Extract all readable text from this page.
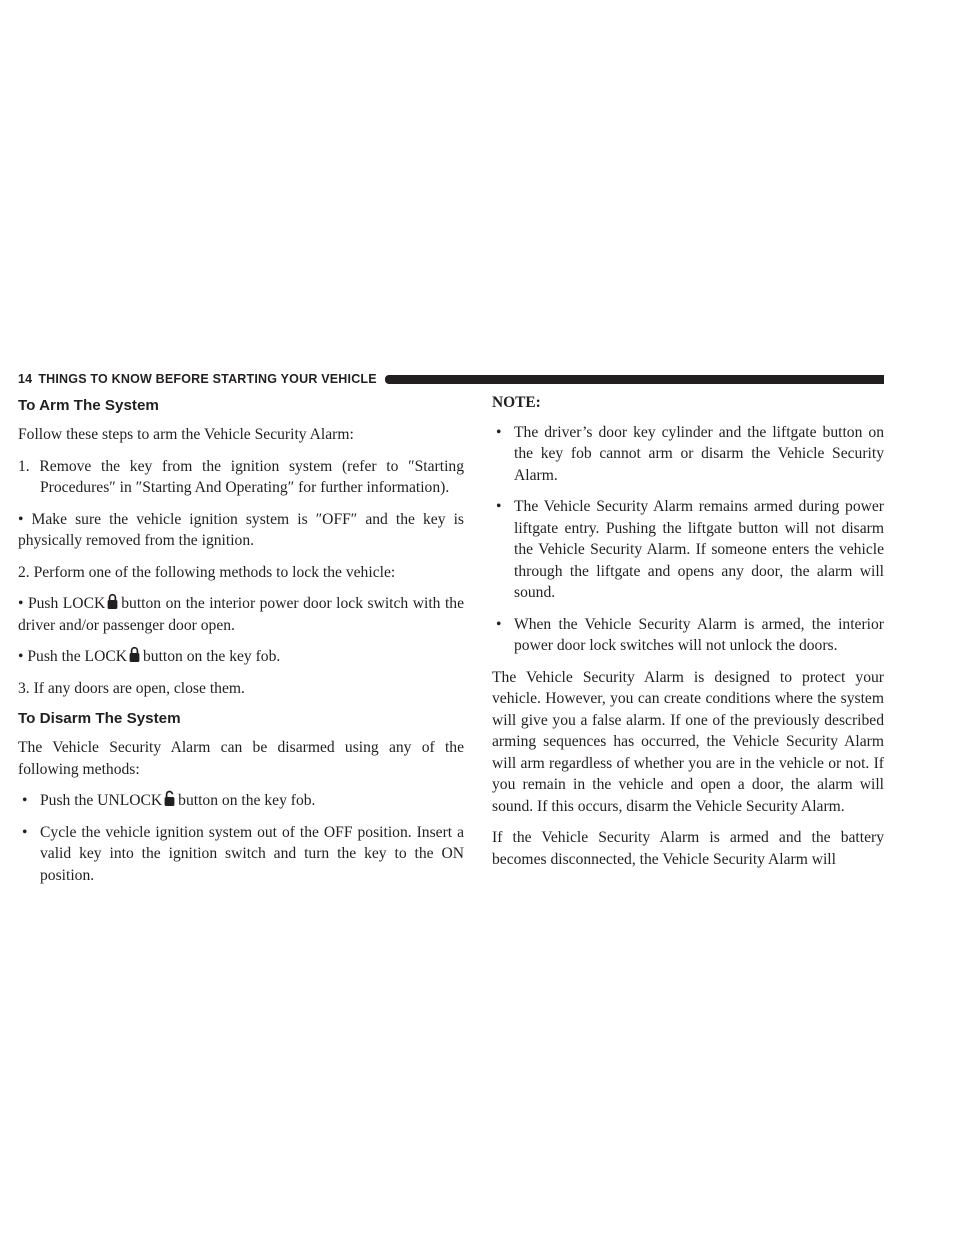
14 THINGS TO KNOW BEFORE STARTING YOUR VEHICLE
To Arm The System

Follow these steps to arm the Vehicle Security Alarm:

1. Remove the key from the ignition system (refer to ″Starting Procedures″ in ″Starting And Operating″ for further information).
• Make sure the vehicle ignition system is ″OFF″ and the key is physically removed from the ignition.
2. Perform one of the following methods to lock the vehicle:
• Push LOCK button on the interior power door lock switch with the driver and/or passenger door open.
• Push the LOCK button on the key fob.
3. If any doors are open, close them.
To Disarm The System

The Vehicle Security Alarm can be disarmed using any of the following methods:

• Push the UNLOCK button on the key fob.
• Cycle the vehicle ignition system out of the OFF position. Insert a valid key into the ignition switch and turn the key to the ON position.
NOTE:
• The driver’s door key cylinder and the liftgate button on the key fob cannot arm or disarm the Vehicle Security Alarm.
• The Vehicle Security Alarm remains armed during power liftgate entry. Pushing the liftgate button will not disarm the Vehicle Security Alarm. If someone enters the vehicle through the liftgate and opens any door, the alarm will sound.
• When the Vehicle Security Alarm is armed, the interior power door lock switches will not unlock the doors.

The Vehicle Security Alarm is designed to protect your vehicle. However, you can create conditions where the system will give you a false alarm. If one of the previously described arming sequences has occurred, the Vehicle Security Alarm will arm regardless of whether you are in the vehicle or not. If you remain in the vehicle and open a door, the alarm will sound. If this occurs, disarm the Vehicle Security Alarm.

If the Vehicle Security Alarm is armed and the battery becomes disconnected, the Vehicle Security Alarm will
